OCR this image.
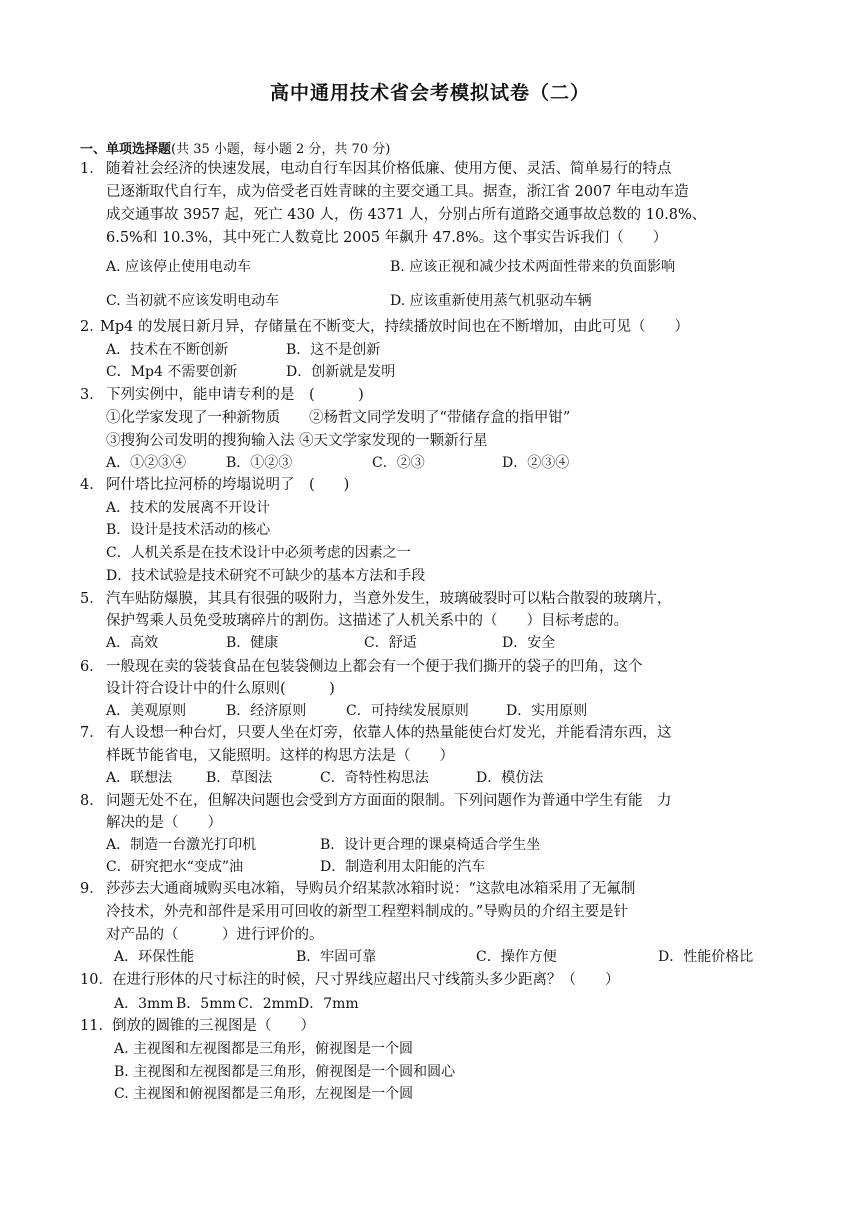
高中通用技术省会考模拟试卷（二）
一、单项选择题(共 35 小题，每小题 2 分，共 70 分)
1． 随着社会经济的快速发展，电动自行车因其价格低廉、使用方便、灵活、简单易行的特点
已逐渐取代自行车，成为倍受老百姓青睐的主要交通工具。据查，浙江省 2007 年电动车造
成交通事故 3957 起，死亡 430 人，伤 4371 人，分别占所有道路交通事故总数的 10.8%、
6.5%和 10.3%，其中死亡人数竟比 2005 年飙升 47.8%。这个事实告诉我们（　　）
A. 应该停止使用电动车	B. 应该正视和减少技术两面性带来的负面影响
C. 当初就不应该发明电动车	D. 应该重新使用蒸气机驱动车辆
2．
Mp4 的发展日新月异，存储量在不断变大，持续播放时间也在不断增加，由此可见（　　）
A．技术在不断创新	B．这不是创新
C．Mp4 不需要创新	D．创新就是发明
3． 下列实例中，能申请专利的是　(　　　)
①化学家发现了一种新物质　　②杨哲文同学发明了“带储存盒的指甲钳”
③搜狗公司发明的搜狗输入法 ④天文学家发现的一颗新行星
A．①②③④	B．①②③	C．②③	D．②③④
4． 阿什塔比拉河桥的垮塌说明了　(　　)
A．技术的发展离不开设计
B．设计是技术活动的核心
C．人机关系是在技术设计中必须考虑的因素之一
D．技术试验是技术研究不可缺少的基本方法和手段
5． 汽车贴防爆膜，其具有很强的吸附力，当意外发生，玻璃破裂时可以粘合散裂的玻璃片，
保护驾乘人员免受玻璃碎片的割伤。这描述了人机关系中的（　　）目标考虑的。
A．高效	B．健康	C．舒适	D．安全
6． 一般现在卖的袋装食品在包装袋侧边上都会有一个便于我们撕开的袋子的凹角，这个
设计符合设计中的什么原则(　　　)
A．美观原则	B．经济原则	C．可持续发展原则	D．实用原则
7． 有人设想一种台灯，只要人坐在灯旁，依靠人体的热量能使台灯发光，并能看清东西，这
样既节能省电，又能照明。这样的构思方法是（　　）
A．联想法 B．草图法	C．奇特性构思法	D．模仿法
8． 问题无处不在，但解决问题也会受到方方面面的限制。下列问题作为普通中学生有能　力
解决的是（　　）
A．制造一台激光打印机	B．设计更合理的课桌椅适合学生坐
C．研究把水“变成”油	D．制造利用太阳能的汽车
9． 莎莎去大通商城购买电冰箱，导购员介绍某款冰箱时说：“这款电冰箱采用了无氟制
冷技术，外壳和部件是采用可回收的新型工程塑料制成的。”导购员的介绍主要是针
对产品的（　　　）进行评价的。
A．环保性能	B．牢固可靠	C．操作方便	D．性能价格比
10． 在进行形体的尺寸标注的时候，尺寸界线应超出尺寸线箭头多少距离？（　　）
A．3mm B．5mm C．2mm D．7mm
11． 倒放的圆锥的三视图是（　　）
A. 主视图和左视图都是三角形，俯视图是一个圆
B. 主视图和左视图都是三角形，俯视图是一个圆和圆心
C. 主视图和俯视图都是三角形，左视图是一个圆
